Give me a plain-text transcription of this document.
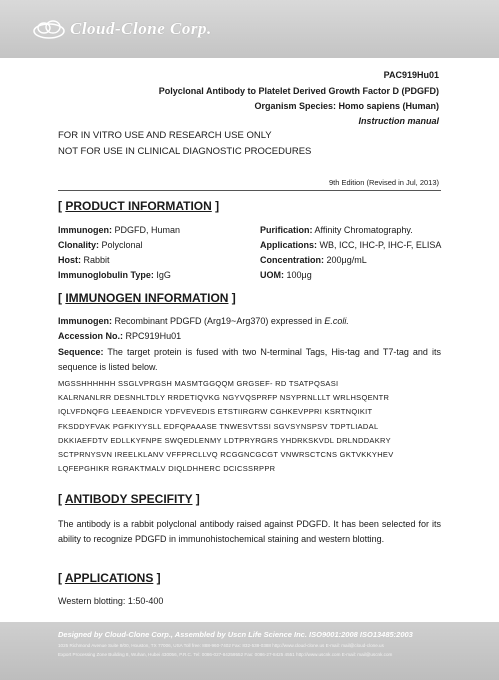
Cloud-Clone Corp.
PAC919Hu01
Polyclonal Antibody to Platelet Derived Growth Factor D (PDGFD)
Organism Species: Homo sapiens (Human)
Instruction manual
FOR IN VITRO USE AND RESEARCH USE ONLY
NOT FOR USE IN CLINICAL DIAGNOSTIC PROCEDURES
9th Edition (Revised in Jul, 2013)
[ PRODUCT INFORMATION ]
Immunogen: PDGFD, Human
Clonality: Polyclonal
Host: Rabbit
Immunoglobulin Type: IgG
Purification: Affinity Chromatography.
Applications: WB, ICC, IHC-P, IHC-F, ELISA
Concentration: 200μg/mL
UOM: 100μg
[ IMMUNOGEN INFORMATION ]
Immunogen: Recombinant PDGFD (Arg19~Arg370) expressed in E.coli.
Accession No.: RPC919Hu01
Sequence: The target protein is fused with two N-terminal Tags, His-tag and T7-tag and its sequence is listed below.
MGSSHHHHHH SSGLVPRGSH MASMTGGQQM GRGSEF- RD TSATPQSASI
KALRNANLRR DESNHLTDLY RRDETIQVKG NGYVQSPRFP NSYPRNLLLT WRLHSQENTR
IQLVFDNQFG LEEAENDICR YDFVEVEDIS ETSTIIRGRW CGHKEVPPRI KSRTNQIKIT
FKSDDYFVAK PGFKIYYSLL EDFQPAAASE TNWESVTSSI SGVSYNSPSV TDPTLIADAL
DKKIAEFDTV EDLLKYFNPE SWQEDLENMY LDTPRYRGRS YHDRKSKVDL DRLNDDAKRY
SCTPRNYSVN IREELKLANV VFFPRCLLVQ RCGGNCGCGT VNWRSCTCNS GKTVKKYHEV
LQFEPGHIKR RGRAKTMALV DIQLDHHERC DCICSSRPPR
[ ANTIBODY SPECIFITY ]
The antibody is a rabbit polyclonal antibody raised against PDGFD. It has been selected for its ability to recognize PDGFD in immunohistochemical staining and western blotting.
[ APPLICATIONS ]
Western blotting: 1:50-400
Designed by Cloud-Clone Corp., Assembled by Uscn Life Science Inc. ISO9001:2008 ISO13485:2003
1025 Richmond Avenue Suite 8/00, Houston, TX 77006, USA Toll free: 888-960-7402 Fax: 832-538-0388 http://www.cloud-clone.us E-mail: mail@cloud-clone.us
Export Processing Zone Building 8, Wuhan, Hubei 430056, P.R.C. Tel: 0086-027-84259552 Fax: 0086-27-8425 4551 http://www.uscnk.com E-mail: mail@uscnk.com
